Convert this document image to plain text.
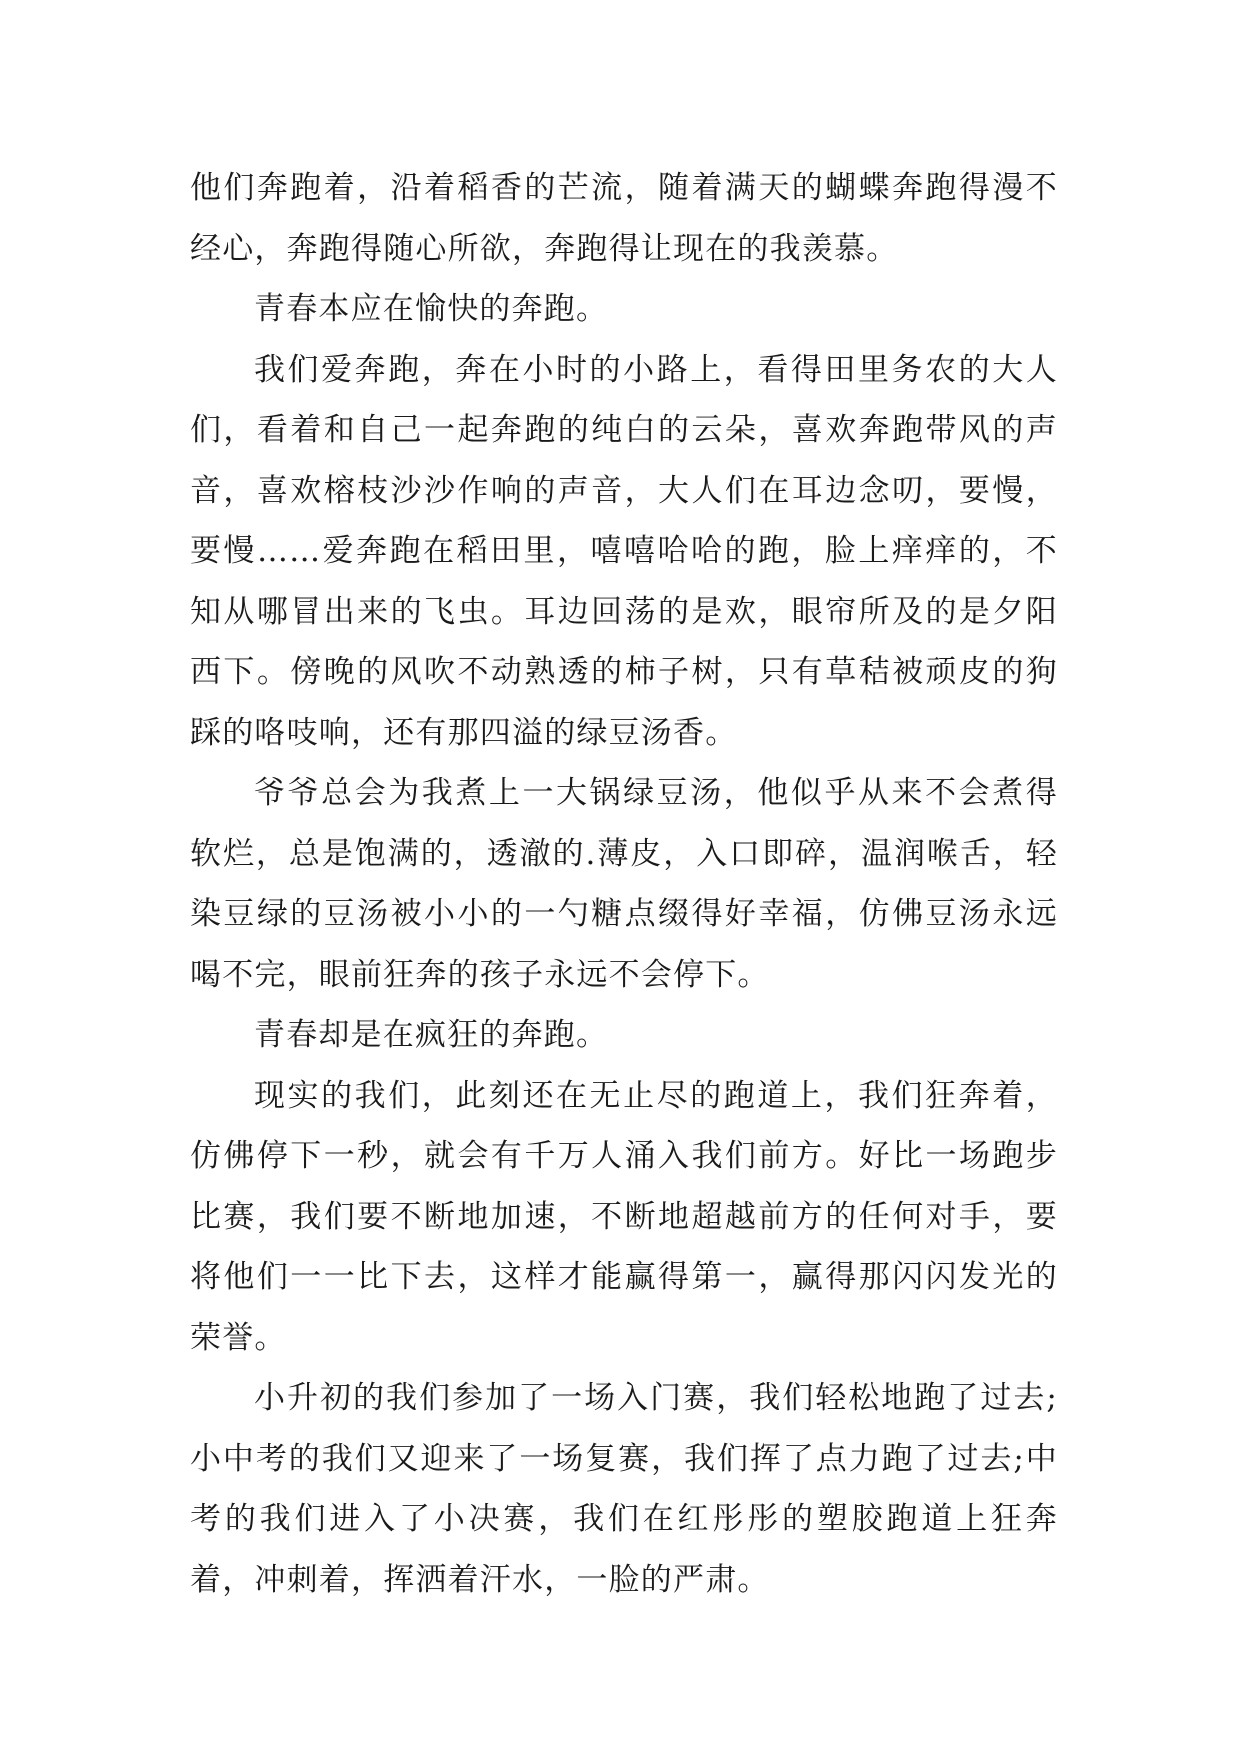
他们奔跑着，沿着稻香的芒流，随着满天的蝴蝶奔跑得漫不经心，奔跑得随心所欲，奔跑得让现在的我羡慕。

青春本应在愉快的奔跑。

我们爱奔跑，奔在小时的小路上，看得田里务农的大人们，看着和自己一起奔跑的纯白的云朵，喜欢奔跑带风的声音，喜欢榕枝沙沙作响的声音，大人们在耳边念叨，要慢，要慢……爱奔跑在稻田里，嘻嘻哈哈的跑，脸上痒痒的，不知从哪冒出来的飞虫。耳边回荡的是欢，眼帘所及的是夕阳西下。傍晚的风吹不动熟透的柿子树，只有草秸被顽皮的狗踩的咯吱响，还有那四溢的绿豆汤香。

爷爷总会为我煮上一大锅绿豆汤，他似乎从来不会煮得软烂，总是饱满的，透澈的.薄皮，入口即碎，温润喉舌，轻染豆绿的豆汤被小小的一勺糖点缀得好幸福，仿佛豆汤永远喝不完，眼前狂奔的孩子永远不会停下。

青春却是在疯狂的奔跑。

现实的我们，此刻还在无止尽的跑道上，我们狂奔着，仿佛停下一秒，就会有千万人涌入我们前方。好比一场跑步比赛，我们要不断地加速，不断地超越前方的任何对手，要将他们一一比下去，这样才能赢得第一，赢得那闪闪发光的荣誉。

小升初的我们参加了一场入门赛，我们轻松地跑了过去;小中考的我们又迎来了一场复赛，我们挥了点力跑了过去;中考的我们进入了小决赛，我们在红彤彤的塑胶跑道上狂奔着，冲刺着，挥洒着汗水，一脸的严肃。
